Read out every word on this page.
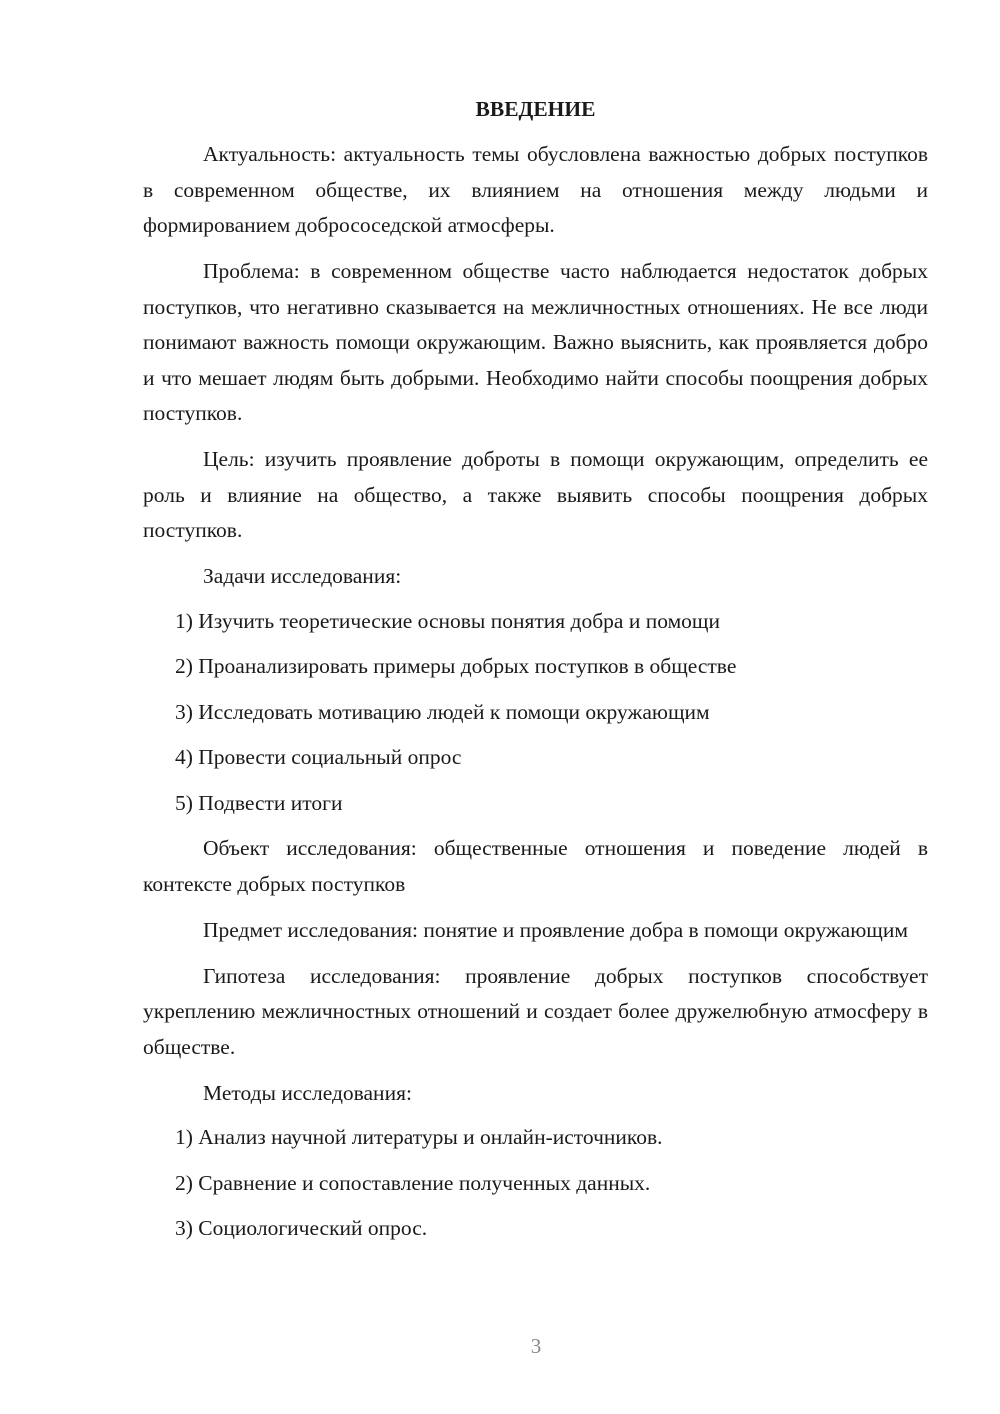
ВВЕДЕНИЕ

Актуальность: актуальность темы обусловлена важностью добрых поступков в современном обществе, их влиянием на отношения между людьми и формированием добрососедской атмосферы.

Проблема: в современном обществе часто наблюдается недостаток добрых поступков, что негативно сказывается на межличностных отношениях. Не все люди понимают важность помощи окружающим. Важно выяснить, как проявляется добро и что мешает людям быть добрыми. Необходимо найти способы поощрения добрых поступков.

Цель: изучить проявление доброты в помощи окружающим, определить ее роль и влияние на общество, а также выявить способы поощрения добрых поступков.

Задачи исследования:

1) Изучить теоретические основы понятия добра и помощи
2) Проанализировать примеры добрых поступков в обществе
3) Исследовать мотивацию людей к помощи окружающим
4) Провести социальный опрос
5) Подвести итоги

Объект исследования: общественные отношения и поведение людей в контексте добрых поступков

Предмет исследования: понятие и проявление добра в помощи окружающим

Гипотеза исследования: проявление добрых поступков способствует укреплению межличностных отношений и создает более дружелюбную атмосферу в обществе.

Методы исследования:

1) Анализ научной литературы и онлайн-источников.
2) Сравнение и сопоставление полученных данных.
3) Социологический опрос.
3
